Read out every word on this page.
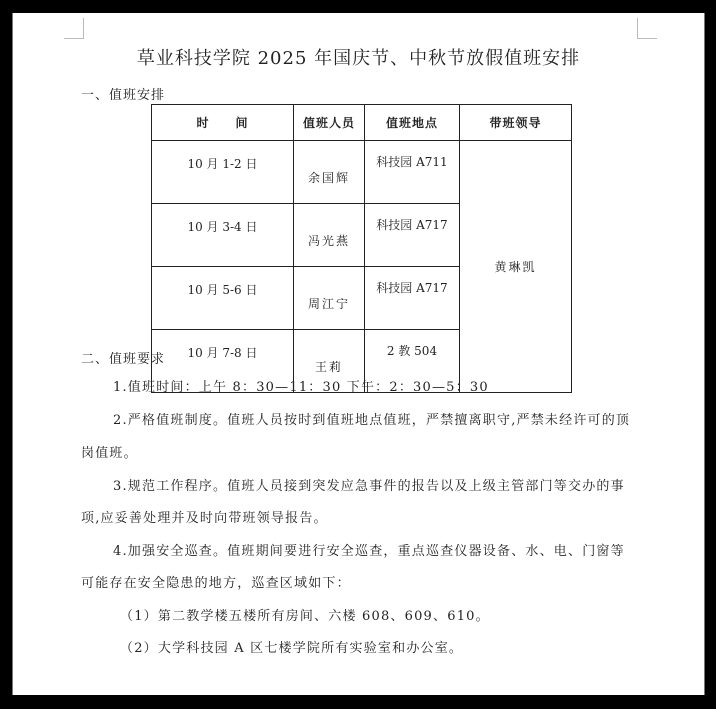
草业科技学院 2025 年国庆节、中秋节放假值班安排
一、值班安排
时 间	值班人员	值班地点	带班领导
10 月 1-2 日	余国辉	科技园 A711	黄琳凯
10 月 3-4 日	冯光燕	科技园 A717	
10 月 5-6 日	周江宁	科技园 A717	
10 月 7-8 日	王莉	2 教 504	
二、值班要求
1.值班时间：上午 8：30—11：30 下午：2：30—5：30
2.严格值班制度。值班人员按时到值班地点值班，严禁擅离职守,严禁未经许可的顶
岗值班。
3.规范工作程序。值班人员接到突发应急事件的报告以及上级主管部门等交办的事
项,应妥善处理并及时向带班领导报告。
4.加强安全巡查。值班期间要进行安全巡查，重点巡查仪器设备、水、电、门窗等
可能存在安全隐患的地方，巡查区域如下：
（1）第二教学楼五楼所有房间、六楼 608、609、610。
（2）大学科技园 A 区七楼学院所有实验室和办公室。
